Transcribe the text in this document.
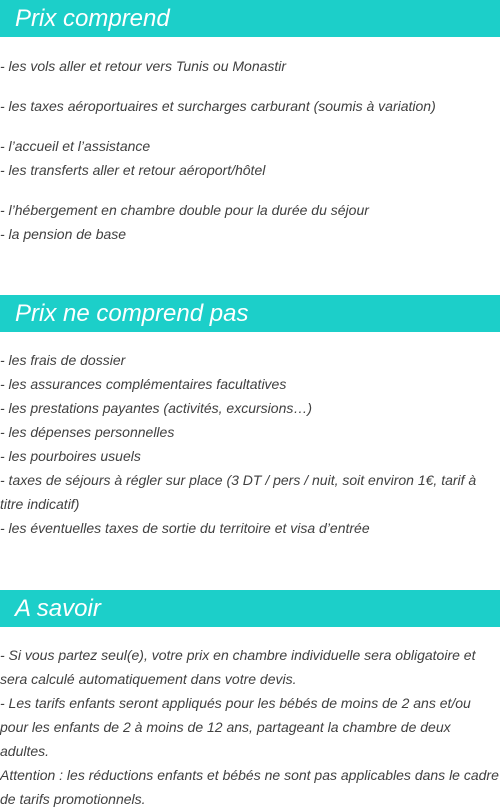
Prix comprend
- les vols aller et retour vers Tunis ou Monastir
- les taxes aéroportuaires et surcharges carburant (soumis à variation)
- l’accueil et l’assistance
- les transferts aller et retour aéroport/hôtel
- l’hébergement en chambre double pour la durée du séjour
- la pension de base
Prix ne comprend pas
- les frais de dossier
- les assurances complémentaires facultatives
- les prestations payantes (activités, excursions…)
- les dépenses personnelles
- les pourboires usuels
- taxes de séjours à régler sur place (3 DT / pers / nuit, soit environ 1€, tarif à titre indicatif)
- les éventuelles taxes de sortie du territoire et visa d’entrée
A savoir
- Si vous partez seul(e), votre prix en chambre individuelle sera obligatoire et sera calculé automatiquement dans votre devis.
- Les tarifs enfants seront appliqués pour les bébés de moins de 2 ans et/ou pour les enfants de 2 à moins de 12 ans, partageant la chambre de deux adultes.
Attention : les réductions enfants et bébés ne sont pas applicables dans le cadre de tarifs promotionnels.
